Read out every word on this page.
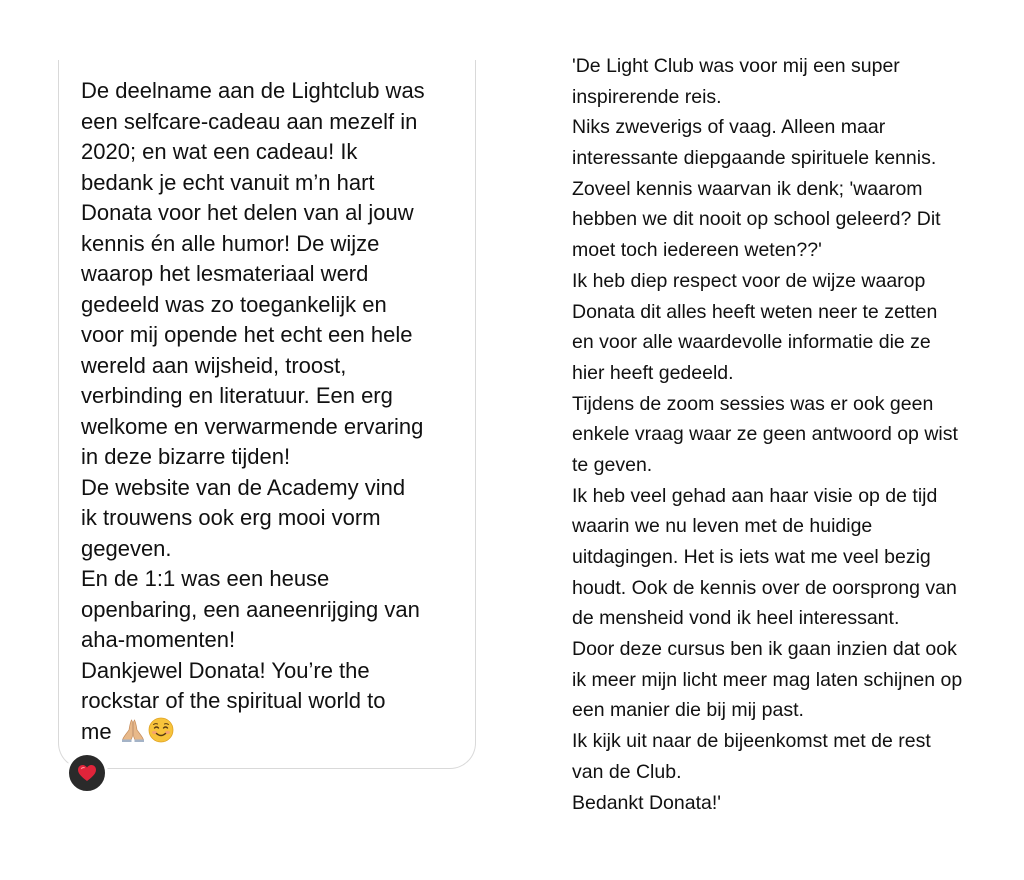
De deelname aan de Lightclub was
een selfcare-cadeau aan mezelf in
2020; en wat een cadeau! Ik
bedank je echt vanuit m’n hart
Donata voor het delen van al jouw
kennis én alle humor! De wijze
waarop het lesmateriaal werd
gedeeld was zo toegankelijk en
voor mij opende het echt een hele
wereld aan wijsheid, troost,
verbinding en literatuur. Een erg
welkome en verwarmende ervaring
in deze bizarre tijden!
De website van de Academy vind
ik trouwens ook erg mooi vorm
gegeven.
En de 1:1 was een heuse
openbaring, een aaneenrijging van
aha-momenten!
Dankjewel Donata! You’re the
rockstar of the spiritual world to
me
'De Light Club was voor mij een super
inspirerende reis.
Niks zweverigs of vaag. Alleen maar
interessante diepgaande spirituele kennis.
Zoveel kennis waarvan ik denk; 'waarom
hebben we dit nooit op school geleerd? Dit
moet toch iedereen weten??'
Ik heb diep respect voor de wijze waarop
Donata dit alles heeft weten neer te zetten
en voor alle waardevolle informatie die ze
hier heeft gedeeld.
Tijdens de zoom sessies was er ook geen
enkele vraag waar ze geen antwoord op wist
te geven.
Ik heb veel gehad aan haar visie op de tijd
waarin we nu leven met de huidige
uitdagingen. Het is iets wat me veel bezig
houdt. Ook de kennis over de oorsprong van
de mensheid vond ik heel interessant.
Door deze cursus ben ik gaan inzien dat ook
ik meer mijn licht meer mag laten schijnen op
een manier die bij mij past.
Ik kijk uit naar de bijeenkomst met de rest
van de Club.
Bedankt Donata!'
